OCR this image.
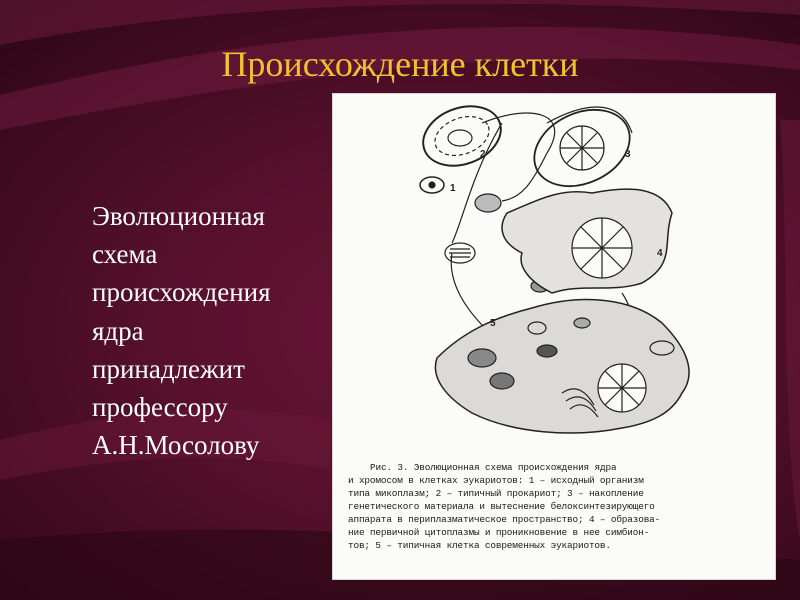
Происхождение клетки
Эволюционная
схема
происхождения
ядра
принадлежит
профессору
А.Н.Мосолову
1
2	3
4
5
Рис. 3. Эволюционная схема происхождения ядра
и хромосом в клетках эукариотов: 1 – исходный организм
типа микоплазм; 2 – типичный прокариот; 3 – накопление
генетического материала и вытеснение белоксинтезирующего
аппарата в периплазматическое пространство; 4 – образова-
ние первичной цитоплазмы и проникновение в нее симбион-
тов; 5 – типичная клетка современных эукариотов.
